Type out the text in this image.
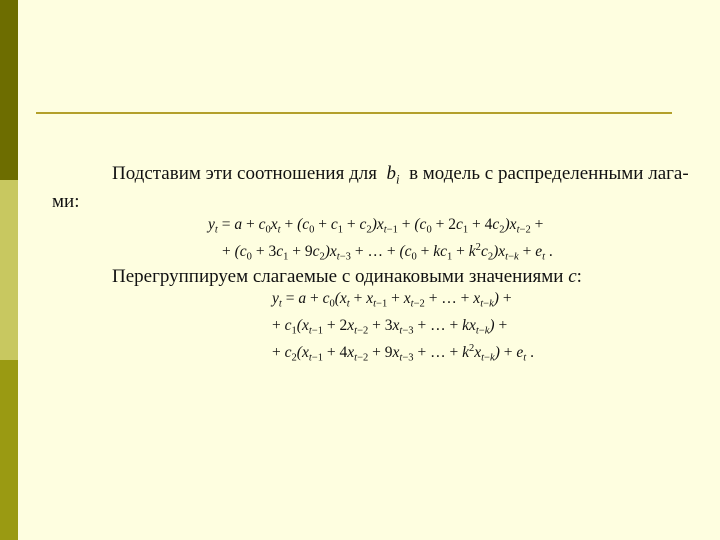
Подставим эти соотношения для $b_i$ в модель с распределенными лага-
ми:
$y_t = a + c_0x_t + (c_0 + c_1 + c_2)x_{t-1} + (c_0 + 2c_1 + 4c_2)x_{t-2}$ +
+ $(c_0 + 3c_1 + 9c_2)x_{t-3}$ + … + $(c_0 + kc_1 + k^2c_2)x_{t-k} + e_t$ .
Перегруппируем слагаемые с одинаковыми значениями c:
$y_t = a + c_0(x_t + x_{t-1} + x_{t-2}$ + … + $x_{t-k}$) +
+ $c_1(x_{t-1} + 2x_{t-2} + 3x_{t-3}$ + … + $kx_{t-k}$) +
+ $c_2(x_{t-1} + 4x_{t-2} + 9x_{t-3}$ + … + $k^2x_{t-k}) + e_t$ .
